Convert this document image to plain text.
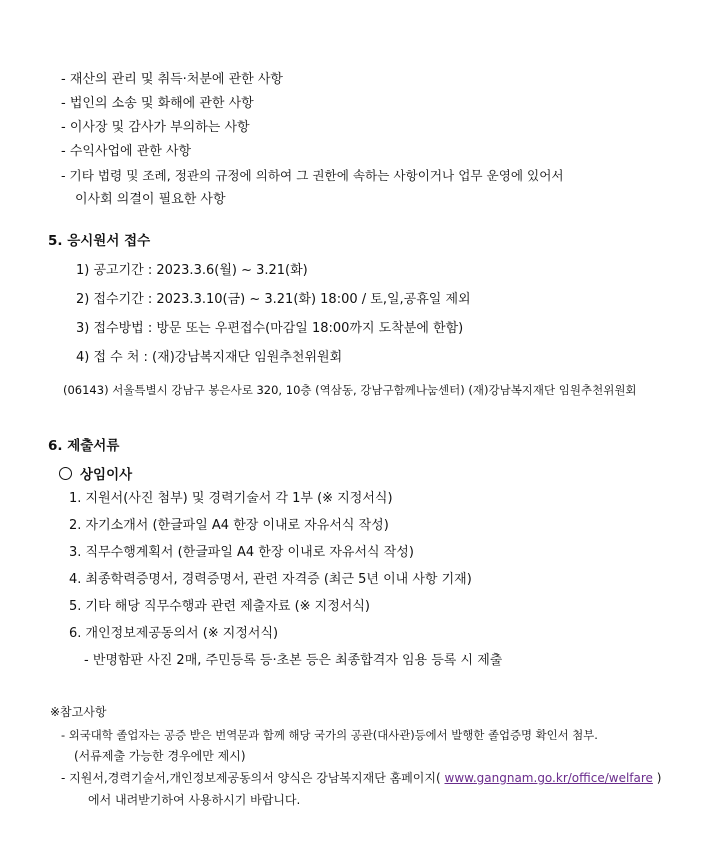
- 재산의 관리 및 취득·처분에 관한 사항
- 법인의 소송 및 화해에 관한 사항
- 이사장 및 감사가 부의하는 사항
- 수익사업에 관한 사항
- 기타 법령 및 조례, 정관의 규정에 의하여 그 권한에 속하는 사항이거나 업무 운영에 있어서
이사회 의결이 필요한 사항
5. 응시원서 접수
1) 공고기간 : 2023.3.6(월) ~ 3.21(화)
2) 접수기간 : 2023.3.10(금) ~ 3.21(화) 18:00 / 토,일,공휴일 제외
3) 접수방법 : 방문 또는 우편접수(마감일 18:00까지 도착분에 한함)
4) 접 수 처 : (재)강남복지재단 임원추천위원회
(06143) 서울특별시 강남구 봉은사로 320, 10층 (역삼동, 강남구함께나눔센터) (재)강남복지재단 임원추천위원회
6. 제출서류
상임이사
1. 지원서(사진 첨부) 및 경력기술서 각 1부 (※ 지정서식)
2. 자기소개서 (한글파일 A4 한장 이내로 자유서식 작성)
3. 직무수행계획서 (한글파일 A4 한장 이내로 자유서식 작성)
4. 최종학력증명서, 경력증명서, 관련 자격증 (최근 5년 이내 사항 기재)
5. 기타 해당 직무수행과 관련 제출자료 (※ 지정서식)
6. 개인정보제공동의서 (※ 지정서식)
- 반명함판 사진 2매, 주민등록 등·초본 등은 최종합격자 임용 등록 시 제출
※참고사항
- 외국대학 졸업자는 공증 받은 번역문과 함께 해당 국가의 공관(대사관)등에서 발행한 졸업증명 확인서 첨부.
(서류제출 가능한 경우에만 제시)
- 지원서,경력기술서,개인정보제공동의서 양식은 강남복지재단 홈페이지( www.gangnam.go.kr/office/welfare )
에서 내려받기하여 사용하시기 바랍니다.
